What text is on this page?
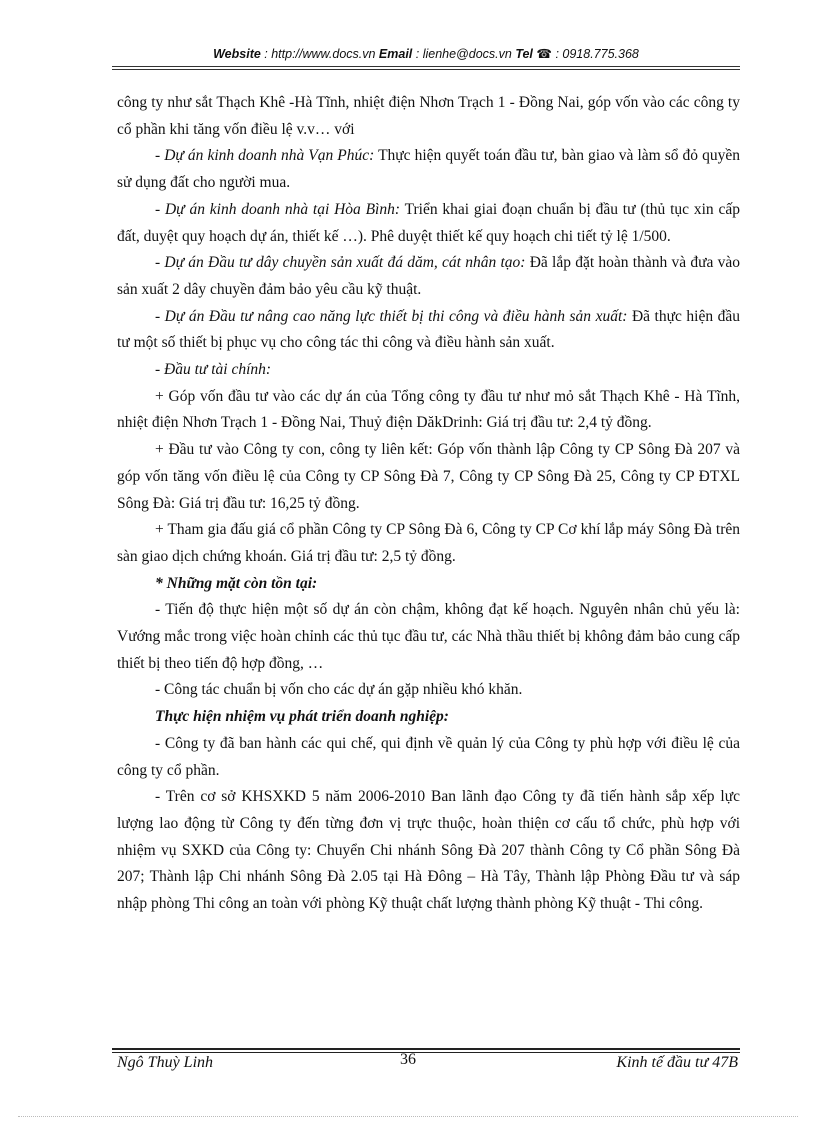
Website : http://www.docs.vn Email : lienhe@docs.vn Tel ☎ : 0918.775.368

công ty như sắt Thạch Khê -Hà Tĩnh, nhiệt điện Nhơn Trạch 1 - Đồng Nai, góp vốn vào các công ty cổ phần khi tăng vốn điều lệ v.v… với

- Dự án kinh doanh nhà Vạn Phúc: Thực hiện quyết toán đầu tư, bàn giao và làm sổ đỏ quyền sử dụng đất cho người mua.

- Dự án kinh doanh nhà tại Hòa Bình: Triển khai giai đoạn chuẩn bị đầu tư (thủ tục xin cấp đất, duyệt quy hoạch dự án, thiết kế …). Phê duyệt thiết kế quy hoạch chi tiết tỷ lệ 1/500.

- Dự án Đầu tư dây chuyền sản xuất đá dăm, cát nhân tạo: Đã lắp đặt hoàn thành và đưa vào sản xuất 2 dây chuyền đảm bảo yêu cầu kỹ thuật.

- Dự án Đầu tư nâng cao năng lực thiết bị thi công và điều hành sản xuất: Đã thực hiện đầu tư một số thiết bị phục vụ cho công tác thi công và điều hành sản xuất.

- Đầu tư tài chính:

+ Góp vốn đầu tư vào các dự án của Tổng công ty đầu tư như mỏ sắt Thạch Khê - Hà Tĩnh, nhiệt điện Nhơn Trạch 1 - Đồng Nai, Thuỷ điện DăkDrinh: Giá trị đầu tư: 2,4 tỷ đồng.

+ Đầu tư vào Công ty con, công ty liên kết: Góp vốn thành lập Công ty CP Sông Đà 207 và góp vốn tăng vốn điều lệ của Công ty CP Sông Đà 7, Công ty CP Sông Đà 25, Công ty CP ĐTXL Sông Đà: Giá trị đầu tư: 16,25 tỷ đồng.

+ Tham gia đấu giá cổ phần Công ty CP Sông Đà 6, Công ty CP Cơ khí lắp máy Sông Đà trên sàn giao dịch chứng khoán. Giá trị đầu tư: 2,5 tỷ đồng.

* Những mặt còn tồn tại:

- Tiến độ thực hiện một số dự án còn chậm, không đạt kế hoạch. Nguyên nhân chủ yếu là: Vướng mắc trong việc hoàn chỉnh các thủ tục đầu tư, các Nhà thầu thiết bị không đảm bảo cung cấp thiết bị theo tiến độ hợp đồng, …

- Công tác chuẩn bị vốn cho các dự án gặp nhiều khó khăn.

Thực hiện nhiệm vụ phát triển doanh nghiệp:

- Công ty đã ban hành các qui chế, qui định về quản lý của Công ty phù hợp với điều lệ của công ty cổ phần.

- Trên cơ sở KHSXKD 5 năm 2006-2010 Ban lãnh đạo Công ty đã tiến hành sắp xếp lực lượng lao động từ Công ty đến từng đơn vị trực thuộc, hoàn thiện cơ cấu tổ chức, phù hợp với nhiệm vụ SXKD của Công ty: Chuyển Chi nhánh Sông Đà 207 thành Công ty Cổ phần Sông Đà 207; Thành lập Chi nhánh Sông Đà 2.05 tại Hà Đông – Hà Tây, Thành lập Phòng Đầu tư và sáp nhập phòng Thi công an toàn với phòng Kỹ thuật chất lượng thành phòng Kỹ thuật - Thi công.

Ngô Thuỳ Linh	36	Kinh tế đầu tư 47B
